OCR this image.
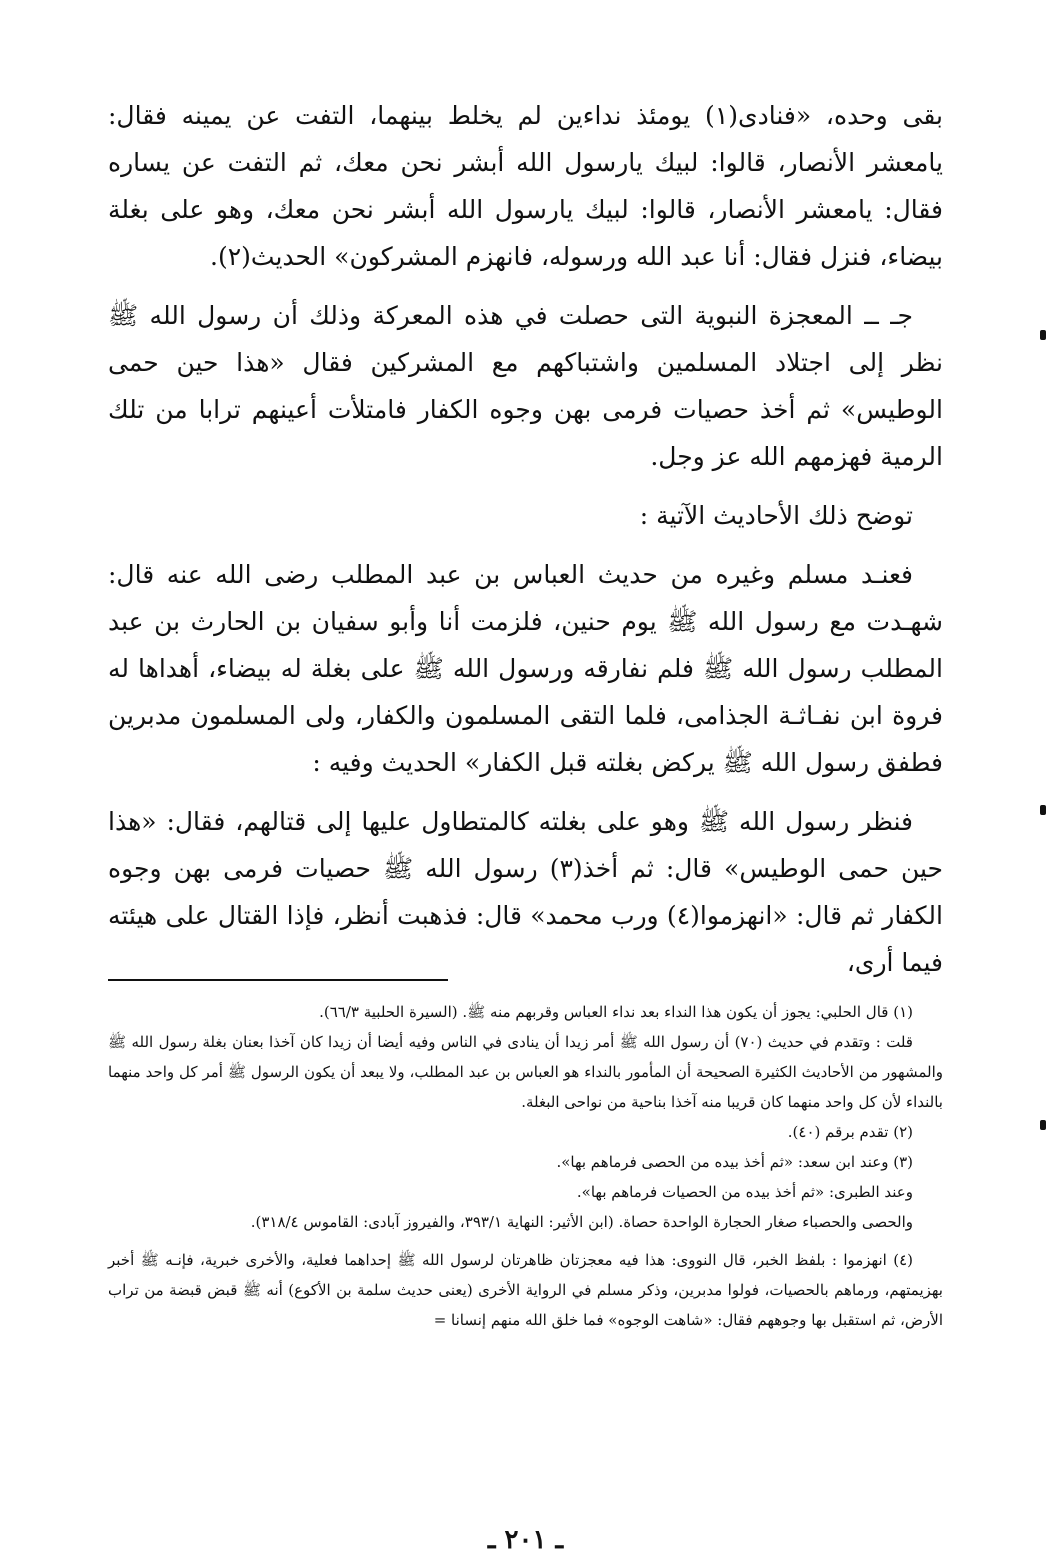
بقى وحده، «فنادى(١) يومئذ نداءين لم يخلط بينهما، التفت عن يمينه فقال: يامعشر الأنصار، قالوا: لبيك يارسول الله أبشر نحن معك، ثم التفت عن يساره فقال: يامعشر الأنصار، قالوا: لبيك يارسول الله أبشر نحن معك، وهو على بغلة بيضاء، فنزل فقال: أنا عبد الله ورسوله، فانهزم المشركون» الحديث(٢).

جـ ــ المعجزة النبوية التى حصلت في هذه المعركة وذلك أن رسول الله ﷺ نظر إلى اجتلاد المسلمين واشتباكهم مع المشركين فقال «هذا حين حمى الوطيس» ثم أخذ حصيات فرمى بهن وجوه الكفار فامتلأت أعينهم ترابا من تلك الرمية فهزمهم الله عز وجل.

توضح ذلك الأحاديث الآتية :

فعنـد مسلم وغيره من حديث العباس بن عبد المطلب رضى الله عنه قال: شهـدت مع رسول الله ﷺ يوم حنين، فلزمت أنا وأبو سفيان بن الحارث بن عبد المطلب رسول الله ﷺ فلم نفارقه ورسول الله ﷺ على بغلة له بيضاء، أهداها له فروة ابن نفـاثـة الجذامى، فلما التقى المسلمون والكفار، ولى المسلمون مدبرين فطفق رسول الله ﷺ يركض بغلته قبل الكفار» الحديث وفيه :

فنظر رسول الله ﷺ وهو على بغلته كالمتطاول عليها إلى قتالهم، فقال: «هذا حين حمى الوطيس» قال: ثم أخذ(٣) رسول الله ﷺ حصيات فرمى بهن وجوه الكفار ثم قال: «انهزموا(٤) ورب محمد» قال: فذهبت أنظر، فإذا القتال على هيئته فيما أرى،

(١) قال الحلبي: يجوز أن يكون هذا النداء بعد نداء العباس وقربهم منه ﷺ. (السيرة الحلبية ٦٦/٣).

قلت : وتقدم في حديث (٧٠) أن رسول الله ﷺ أمر زيدا أن ينادى في الناس وفيه أيضا أن زيدا كان آخذا بعنان بغلة رسول الله ﷺ والمشهور من الأحاديث الكثيرة الصحيحة أن المأمور بالنداء هو العباس بن عبد المطلب، ولا يبعد أن يكون الرسول ﷺ أمر كل واحد منهما بالنداء لأن كل واحد منهما كان قريبا منه آخذا بناحية من نواحى البغلة.

(٢) تقدم برقم (٤٠).

(٣) وعند ابن سعد: «ثم أخذ بيده من الحصى فرماهم بها».

وعند الطبرى: «ثم أخذ بيده من الحصيات فرماهم بها».

والحصى والحصباء صغار الحجارة الواحدة حصاة. (ابن الأثير: النهاية ٣٩٣/١، والفيروز آبادى: القاموس ٣١٨/٤).

(٤) انهزموا : بلفظ الخبر، قال النووى: هذا فيه معجزتان ظاهرتان لرسول الله ﷺ إحداهما فعلية، والأخرى خبرية، فإنـه ﷺ أخبر بهزيمتهم، ورماهم بالحصيات، فولوا مدبرين، وذكر مسلم في الرواية الأخرى (يعنى حديث سلمة بن الأكوع) أنه ﷺ قبض قبضة من تراب الأرض، ثم استقبل بها وجوههم فقال: «شاهت الوجوه» فما خلق الله منهم إنسانا =

ـ ٢٠١ ـ
